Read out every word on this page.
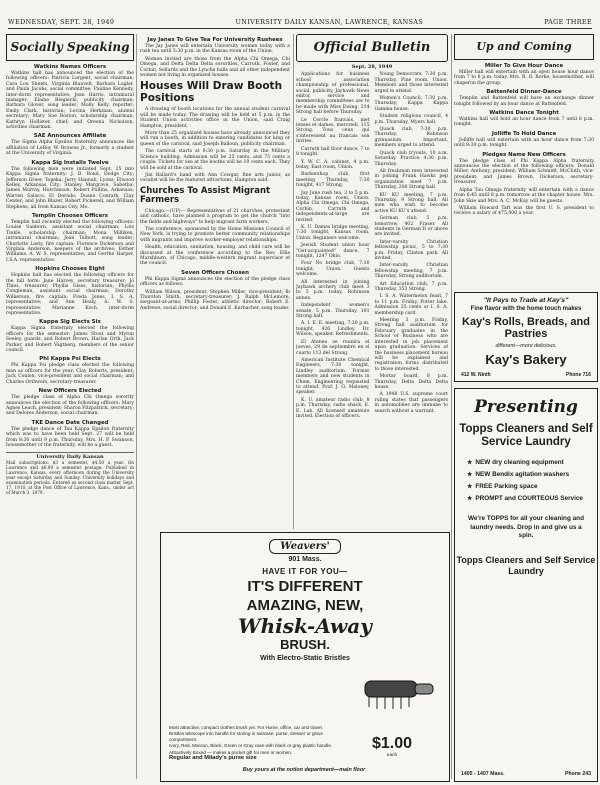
WEDNESDAY, SEPT. 28, 1949	UNIVERSITY DAILY KANSAN, LAWRENCE, KANSAS	PAGE THREE
Socially Speaking
Watkins Names Officers

Watkins hall has announced the election of the following officers: Patricia Largent, social chairman; Cara Lou Sheets, Virginia Blauvelt, Barbara Lagler, and Paula Jacobs, social committee; Pauline Kennedy, inter-dorm representative; Jean Harris, intramural manager; Elaine Biegiecki, publicity chairman; Barbara Glover, song leader; Molly Kelly, reporter; Emily Clark, historian; Levina Herkman, alumni secretary; Mary Sue Boston, scholarship chairman; Kathryn Hollister, chief; and Oreena Nicholson, activities chairman.

SAE Announces Affiliate

The Sigma Alpha Epsilon fraternity announces the affiliation of LeRoy W. Browne Jr., formerly a student at the University of Virginia.

Kappa Sig Installs Twelve

The following men were initiated Sept. 25 into Kappa Sigma fraternity: J. B. Bond, Dodge City; Jefferson Greer, Topeka; Jerry Hannah, Lyons; Elwood Kelley, Arkansas City; Stanley Margrave, Sabetha; James Murray, Hutchinson; Robert Pullins, Arkansas; Warren Salisco, El Dorado; Duane Conrath, Clay Center; and John Blazer, Robert Pickerell, and William Stephens, all from Kansas City, Mo.

Templin Chooses Officers

Templin hall recently elected the following officers: Louise Sanborn, assistant social chairman; Lois Tinkle, scholarship chairman; Mona Milliken, intramural chairman; Jean Talbott, song leader; Charlotte Lasty, fire captain; Florence Dickerson and Virginia Anderson, keepers of the archives; Esther Williams, A. W. S. representative; and Gerthe Harper, I.S.A. representative.

Hopkins Chooses Eight

Hopkins hall has elected the following officers for the fall term: Jane Harvey, secretary treasurer; Jo Thies, treasurer; Phyllis Glass, historian; Phyllis Congleman, assistant social chairman; Dorothy Wilkerson, fire captain; Freda Jones, I. S. A. representative; and Ann Healy, A. W. S. representative. Marianne Koch, inter-dorm representative.

Kappa Sig Elects Six

Kappa Sigma fraternity elected the following officers for the semester: James Stout and Myron Seeley, guards, and Robert Brown, Harlan Orth, Jack Parker, and Robert Vagtberg, members of the senior council.

Phi Kappa Psi Elects

Phi Kappa Psi pledge class elected the following men as officers for the year: Clay Roberts, president; Jack Conlon, vice-president and social chairman; and Charles Orthwein, secretary-treasurer.

New Officers Elected

The pledge class of Alpha Chi Omega sorority announces the election of the following officers: Mary Agnes Leach, president; Sharon Fitzpatrick, secretary; and Delores Anderson, social chairman.

TKE Dance Date Changed

The pledge dance of Tau Kappa Epsilon fraternity which was to have been held Sept. 27 will be held from 8:30 until 9 p.m. Thursday. Mrs. H. P. Swanson, housemother of the fraternity, will be a guest.

University Daily Kansan
Mail subscriptions: $3 a semester, $4.50 a year. On Lawrence and $6.00 a semester postage: Published in Lawrence, Kansas, every afternoon during the University year except Saturday and Sunday. University holidays and examination periods. Entered as second class matter Sept. 17, 1910, at the Post Office of Lawrence, Kans., under act of March 3, 1879.
Jay Janes To Give Tea For University Rushees

The Jay Janes will entertain University women today with a rush tea until 5:30 p.m. in the Kansas room of the Union.

Women invited are those from the Alpha Chi Omega, Chi Omega, and Delta Delta Delta sororities, Carruth, Foster, and Corbin, Sellards and the Lynche halls and all other independent women not living in organized houses.

Houses Will Draw Booth Positions

A drawing of booth locations for the annual student carnival will be made today. The drawing will be held at 5 p.m. in the Student Union activities office in the Union, said Craig Hampton, president.

More than 25 organized houses have already announced they will run a booth, in addition to entering candidates for king or queen of the carnival, said Joseph Balloun, publicity chairman.

The carnival starts at 8:30 p.m. Saturday in the Military Science building. Admission will be 25 cents, and 75 cents a couple. Tickets for use at the booths will be 10 cents each. They will be sold at the carnival.

Jim Ballard's band with Ann Cowgar, fine arts junior, as vocalist will be the featured attractions, Hampton said.

Churches To Assist Migrant Farmers

Chicago.—(UP)— Representatives of 21 churches, protestant and catholic, have planned a program to get the church "into the fields and highways" to help migrant farm workers.

The conference, sponsored by the Home Missions Council of New York, is trying to promote better community relationships with migrants and improve worker-employer relationships.

Health, education, sanitation, housing, and child care will be discussed at the conference according to the Rev. Ellis Marshburn, of Chicago, middle-western migrant supervisor of the council.

Seven Officers Chosen

Phi Kappa Sigma announces the election of the pledge class officers as follows:

William Wilson, president; Stephen Miller, vice-president; Ib Thurston Smith, secretary-treasurer; J. Ralph McLemore, sergeant-at-arms; Phillip Foster, athletic director; Robert E. Andrews, social director; and Donald E. Kurbacher, song leader.

Official Bulletin
Sept. 28, 1949

Applications for business school association championship of professional, social, publicity, Jayhawk News editor, service and membership committees are to be made with Miss Ewing, 214 Strong hall before Thursday.

Le Cercle francais, met lenses et dames, mercredi, 115 Strong. Tous ceux qui s'interessent au francais son invites.

Carruth hall floor dance, 7 to 8 tonight.

Y. W. C. A. cabinet, 4 p.m. today, East room, Union.

Barbershop club, first meeting Thursday, 7:30 tonight, 417 Strong.

Jay June rush tea, 3 to 5 p.m. today, Kansas room, Union. Alpha Chi Omega, Chi Omega, Corbin, Carruth and independents-at-large are invited.

K. U. Dames bridge meeting, 7:30 tonight, Kansas room, Union. Beginners welcome.

Jewish Student union hour "Get-acquainted" dance, 7 tonight, 1247 Ohio.

Four No bridge club, 7:30 tonight, Union. Guests welcome.

All interested in joining Jayhawk archery club meet 3 to 5 p.m. today, Robinson annex.

Independent women's senate, 5 p.m. Thursday, 101 Strong hall.

A. I. E. E. meeting, 7:30 p.m. tonight, 426 Lindley. Dr. Wilson, speaker. Refreshments.

El Ateneo se reunira el jueves, 29 de septiembre en el cuarto 113 del Strong.

American Institute Chemical Engineers, 7:30 tonight, Lindley auditorium. Former members and new students in Chem. Engineering requested to attend. Prof. J. O. Maloney, speaker.

K. U. amateur radio club, 8 p.m. Thursday, radio shack, E. E. Lab. All licensed amateurs invited. Election of officers.

Young Democrats, 7:30 p.m. Thursday, Pine room, Union. Members and those interested urged to attend.

Women's Council, 7:30 p.m. Thursday, Kappa Kappa Gamma house.

Student religious council, 4 p.m. Thursday, Myers hall.

Quack club, 7:30 p.m. Thursday, Robinson gymnasium. Important, members urged to attend.

Quack club tryouts, 10 a.m. Saturday. Practice 4:30 p.m. Thursday.

All freshman men interested in joining Frank Hawks pep organization meet 7 p.m. Thursday, 206 Strong hall.

KU KU meeting, 7 p.m. Thursday, 9 Strong hall. All men who wish to become active KU KU's attend.

German club, 5 p.m. tomorrow, 402 Fraser. All students in German II or above are invited.

Inter-varsity Christian fellowship picnic, 5 to 7:30 p.m. Friday, Clinton park. All invited.

Inter-varsity Christian fellowship meeting, 7 p.m. Thursday, Strong auditorium.

Art Education club, 7 p.m. Thursday, 353 Strong.

I. S. A. Watermelon feast, 7 to 11 p.m. Friday, Potter lake. Admission 35 cents or I. S. A. membership card.

Meeting 3 p.m. Friday, Strong hall auditorium for February graduates in the School of Business who are interested in job placement upon graduation. Services of the business placement bureau will be explained and registration forms distributed to those interested.

Mortar board, 8 p.m. Thursday, Delta Delta Delta house.

A 1948 U.S. supreme court ruling states that passengers in automobiles are immune to search without a warrant.

Up and Coming
Miller To Give Hour Dance

Miller hall will entertain with an open house hour dance from 7 to 8 p.m. today. Mrs. R. O. Rorke, housemother, will chaperon the group.

Battenfeld Dinner-Dance

Templin and Battenfeld will have an exchange dinner tonight followed by an hour dance at Battenfeld.

Watkins Dance Tonight

Watkins hall will hold an hour dance from 7 until 8 p.m. tonight.

Jolliffe To Hold Dance

Jolliffe hall will entertain with an hour dance from 7:30 until 8:30 p.m. tonight.

Pledges Name New Officers

The pledge class of Phi Kappa Alpha fraternity announces the election of the following officers: Donald Miller, Anthony, president; William Schmidt, McCluth, vice-president; and James Brown, Dickerson, secretary-treasurer.

Alpha Tau Omega fraternity will entertain with a dance from 6:45 until 8 p.m. tomorrow at the chapter house. Mrs. John Skie and Mrs. A. C. McKay will be guests.

William Howard Taft was the first U. S. president to receive a salary of $75,000 a year.

Weavers'
901 Mass.
HAVE IT FOR YOU—
IT'S DIFFERENT
AMAZING, NEW,
Whisk-Away
BRUSH.
With Electro-Static Bristles
Most attractive, compact clothes brush yet. For Home, office, car and travel.
Bristles telescope into handle for storing in suitcase, purse, dresser or glove compartment.
Ivory, Red, Maroon, Black, Green or Gray case with black or gray plastic handle.
Attractively Boxed — makes a pocket gift for men or women.
$1.00
each
Regular and Milady's purse size
Buy yours at the notion department—main floor
"It Pays to Trade at Kay's"
Fine flavor with the home touch makes
Kay's Rolls, Breads, and Pastries
different—more delicious.
Kay's Bakery
412 W. Ninth	Phone 716
Presenting
Topps Cleaners and Self Service Laundry
★ NEW dry cleaning equipment
★ NEW Bendix agitation washers
★ FREE Parking space
★ PROMPT and COURTEOUS Service
We're TOPPS for all your cleaning and laundry needs. Drop in and give us a spin.
Topps Cleaners and Self Service Laundry
1405 - 1407 Mass.	Phone 243
